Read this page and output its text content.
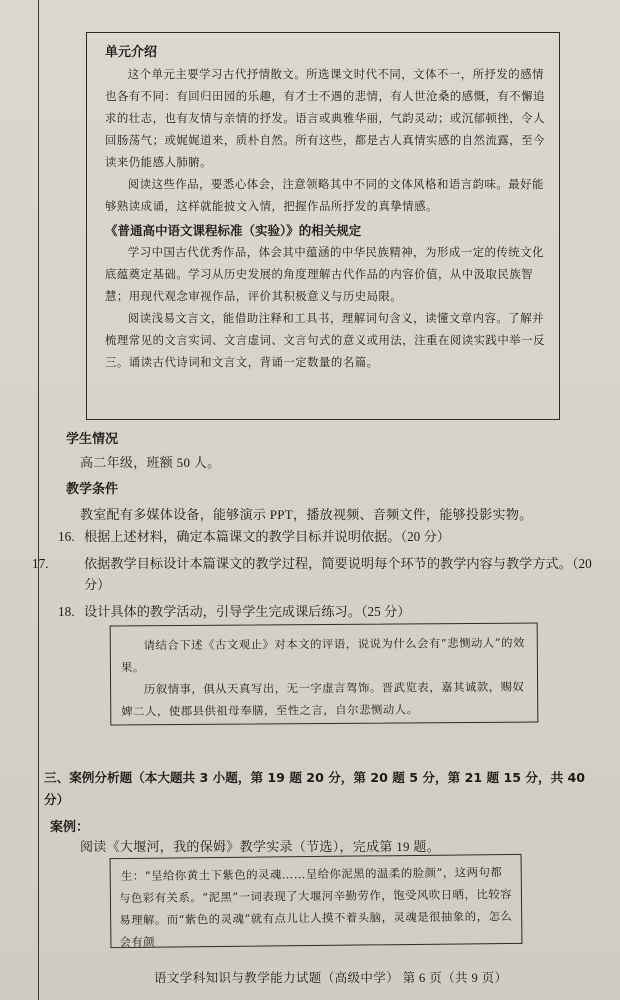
单元介绍

这个单元主要学习古代抒情散文。所选课文时代不同，文体不一，所抒发的感情也各有不同：有回归田园的乐趣，有才士不遇的悲情，有人世沧桑的感慨，有不懈追求的壮志，也有友情与亲情的抒发。语言或典雅华丽，气韵灵动；或沉郁顿挫，令人回肠荡气；或娓娓道来，质朴自然。所有这些，都是古人真情实感的自然流露，至今读来仍能感人肺腑。

阅读这些作品，要悉心体会，注意领略其中不同的文体风格和语言韵味。最好能够熟读成诵，这样就能披文入情，把握作品所抒发的真挚情感。

《普通高中语文课程标准（实验）》的相关规定

学习中国古代优秀作品，体会其中蕴涵的中华民族精神，为形成一定的传统文化底蕴奠定基础。学习从历史发展的角度理解古代作品的内容价值，从中汲取民族智慧；用现代观念审视作品，评价其积极意义与历史局限。

阅读浅易文言文，能借助注释和工具书，理解词句含义，读懂文章内容。了解并梳理常见的文言实词、文言虚词、文言句式的意义或用法，注重在阅读实践中举一反三。诵读古代诗词和文言文，背诵一定数量的名篇。

学生情况
高二年级，班额 50 人。
教学条件
教室配有多媒体设备，能够演示 PPT，播放视频、音频文件，能够投影实物。
16. 根据上述材料，确定本篇课文的教学目标并说明依据。（20 分）
17.	依据教学目标设计本篇课文的教学过程，简要说明每个环节的教学内容与教学方式。（20 分）
18. 设计具体的教学活动，引导学生完成课后练习。（25 分）

请结合下述《古文观止》对本文的评语，说说为什么会有“悲恻动人”的效果。

历叙情事，俱从天真写出，无一字虚言驾饰。晋武览表，嘉其诚款，赐奴婢二人，使郡县供祖母奉膳，至性之言，自尔悲恻动人。

三、案例分析题（本大题共 3 小题，第 19 题 20 分，第 20 题 5 分，第 21 题 15 分，共 40 分）
案例：
阅读《大堰河，我的保姆》教学实录（节选），完成第 19 题。

生：“呈给你黄土下紫色的灵魂……呈给你泥黑的温柔的脸颜”，这两句都与色彩有关系。“泥黑”一词表现了大堰河辛勤劳作，饱受风吹日晒，比较容易理解。而“紫色的灵魂”就有点儿让人摸不着头脑，灵魂是很抽象的，怎么会有颜

语文学科知识与教学能力试题（高级中学） 第 6 页（共 9 页）
